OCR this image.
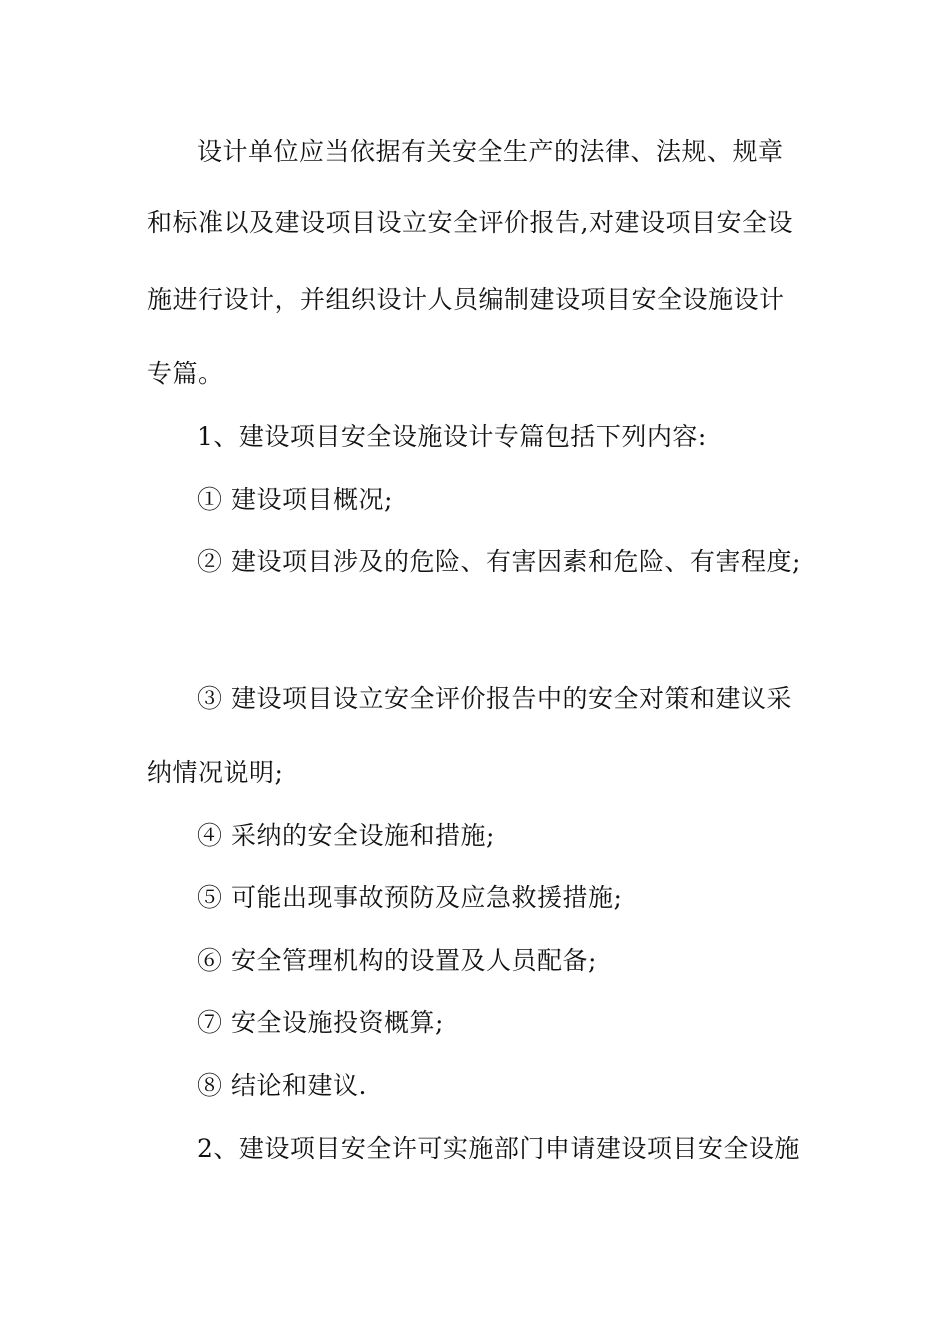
设计单位应当依据有关安全生产的法律、法规、规章
和标准以及建设项目设立安全评价报告,对建设项目安全设
施进行设计，并组织设计人员编制建设项目安全设施设计
专篇。
1、建设项目安全设施设计专篇包括下列内容:
① 建设项目概况;
② 建设项目涉及的危险、有害因素和危险、有害程度;
③ 建设项目设立安全评价报告中的安全对策和建议采
纳情况说明;
④ 采纳的安全设施和措施;
⑤ 可能出现事故预防及应急救援措施;
⑥ 安全管理机构的设置及人员配备;
⑦ 安全设施投资概算;
⑧ 结论和建议.
2、建设项目安全许可实施部门申请建设项目安全设施
